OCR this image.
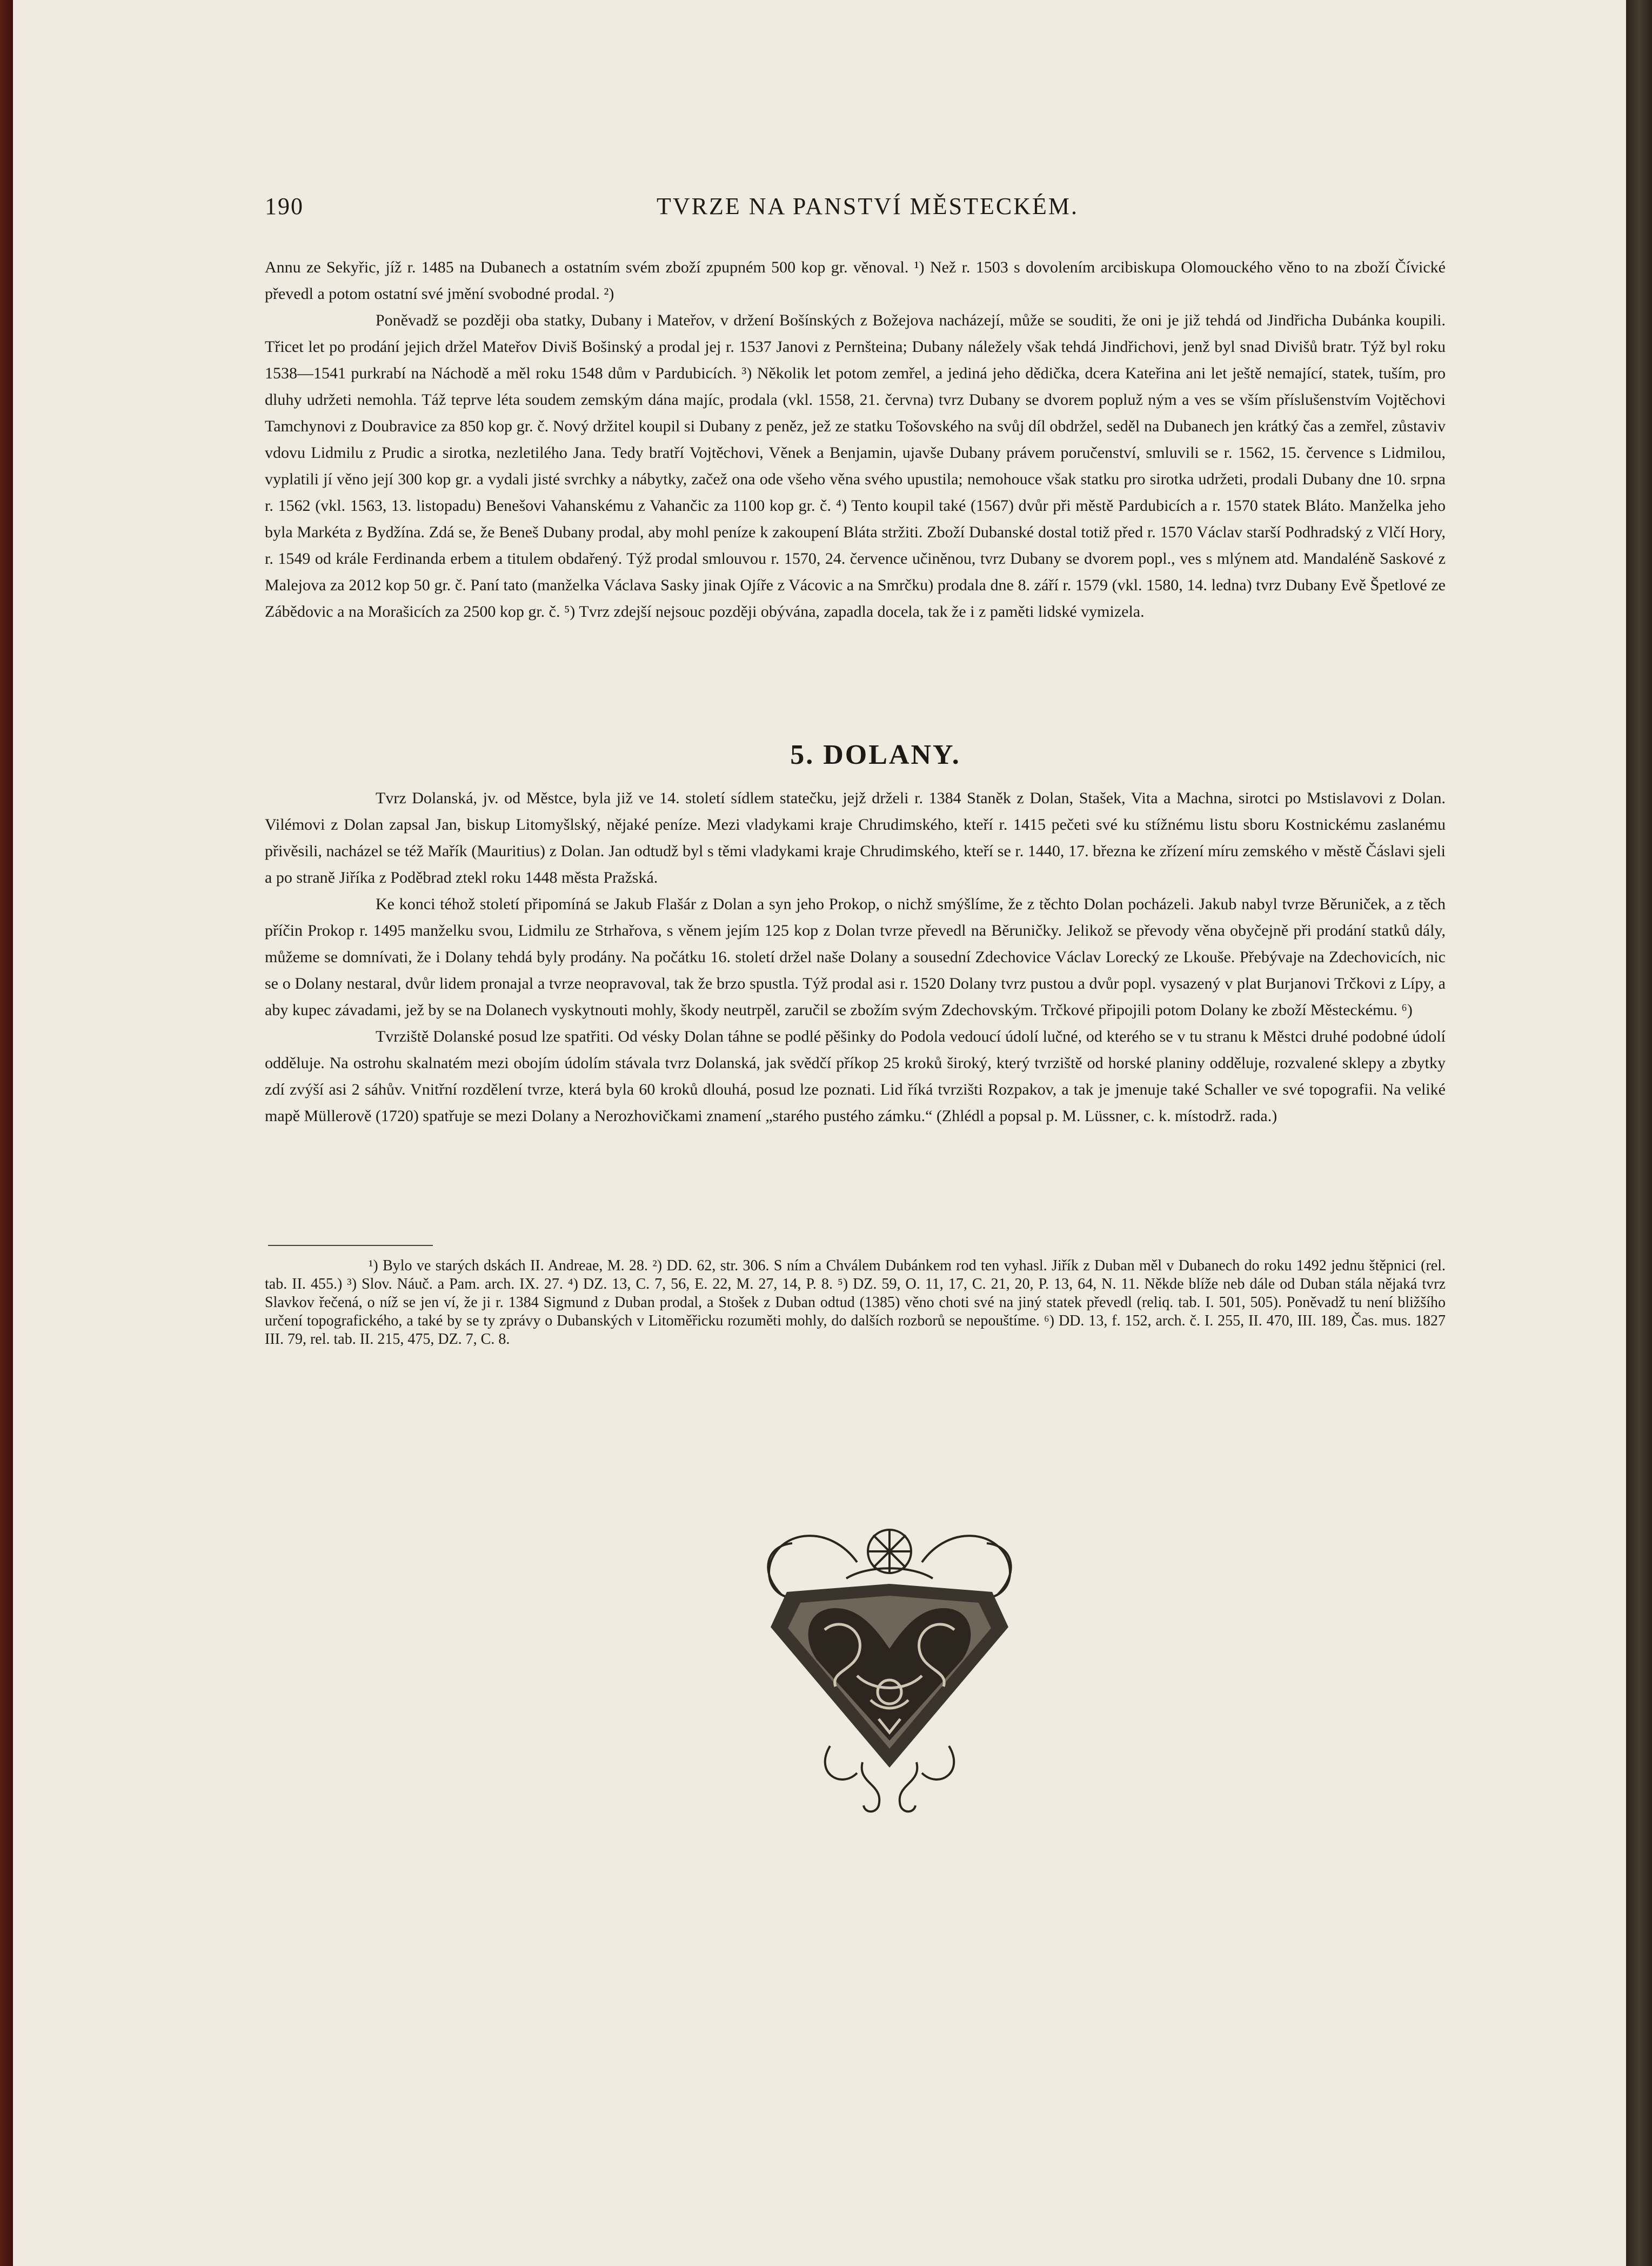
190	TVRZE NA PANSTVÍ MĚSTECKÉM.

Annu ze Sekyřic, jíž r. 1485 na Dubanech a ostatním svém zboží zpupném 500 kop gr. věnoval. ¹) Než r. 1503 s dovolením arcibiskupa Olomouckého věno to na zboží Čívické převedl a potom ostatní své jmění svobodné prodal. ²)

Poněvadž se později oba statky, Dubany i Mateřov, v držení Bošínských z Božejova nacházejí, může se souditi, že oni je již tehdá od Jindřicha Dubánka koupili. Třicet let po prodání jejich držel Mateřov Diviš Bošinský a prodal jej r. 1537 Janovi z Pernšteina; Dubany náležely však tehdá Jindřichovi, jenž byl snad Divišů bratr. Týž byl roku 1538—1541 purkrabí na Náchodě a měl roku 1548 dům v Pardubicích. ³) Několik let potom zemřel, a jediná jeho dědička, dcera Kateřina ani let ještě nemající, statek, tuším, pro dluhy udržeti nemohla. Táž teprve léta soudem zemským dána majíc, prodala (vkl. 1558, 21. června) tvrz Dubany se dvorem popluž ným a ves se vším příslušenstvím Vojtěchovi Tamchynovi z Doubravice za 850 kop gr. č. Nový držitel koupil si Dubany z peněz, jež ze statku Tošovského na svůj díl obdržel, seděl na Dubanech jen krátký čas a zemřel, zůstaviv vdovu Lidmilu z Prudic a sirotka, nezletilého Jana. Tedy bratří Vojtěchovi, Věnek a Benjamin, ujavše Dubany právem poručenství, smluvili se r. 1562, 15. července s Lidmilou, vyplatili jí věno její 300 kop gr. a vydali jisté svrchky a nábytky, začež ona ode všeho věna svého upustila; nemohouce však statku pro sirotka udržeti, prodali Dubany dne 10. srpna r. 1562 (vkl. 1563, 13. listopadu) Benešovi Vahanskému z Vahančic za 1100 kop gr. č. ⁴) Tento koupil také (1567) dvůr při městě Pardubicích a r. 1570 statek Bláto. Manželka jeho byla Markéta z Bydžína. Zdá se, že Beneš Dubany prodal, aby mohl peníze k zakoupení Bláta stržiti. Zboží Dubanské dostal totiž před r. 1570 Václav starší Podhradský z Vlčí Hory, r. 1549 od krále Ferdinanda erbem a titulem obdařený. Týž prodal smlouvou r. 1570, 24. července učiněnou, tvrz Dubany se dvorem popl., ves s mlýnem atd. Mandaléně Saskové z Malejova za 2012 kop 50 gr. č. Paní tato (manželka Václava Sasky jinak Ojíře z Vácovic a na Smrčku) prodala dne 8. září r. 1579 (vkl. 1580, 14. ledna) tvrz Dubany Evě Špetlové ze Zábědovic a na Morašicích za 2500 kop gr. č. ⁵) Tvrz zdejší nejsouc později obývána, zapadla docela, tak že i z paměti lidské vymizela.

5. DOLANY.

Tvrz Dolanská, jv. od Městce, byla již ve 14. století sídlem statečku, jejž drželi r. 1384 Staněk z Dolan, Stašek, Vita a Machna, sirotci po Mstislavovi z Dolan. Vilémovi z Dolan zapsal Jan, biskup Litomyšlský, nějaké peníze. Mezi vladykami kraje Chrudimského, kteří r. 1415 pečeti své ku stížnému listu sboru Kostnickému zaslanému přivěsili, nacházel se též Mařík (Mauritius) z Dolan. Jan odtudž byl s těmi vladykami kraje Chrudimského, kteří se r. 1440, 17. března ke zřízení míru zemského v městě Čáslavi sjeli a po straně Jiříka z Poděbrad ztekl roku 1448 města Pražská.

Ke konci téhož století připomíná se Jakub Flašár z Dolan a syn jeho Prokop, o nichž smýšlíme, že z těchto Dolan pocházeli. Jakub nabyl tvrze Běruniček, a z těch příčin Prokop r. 1495 manželku svou, Lidmilu ze Strhařova, s věnem jejím 125 kop z Dolan tvrze převedl na Běruničky. Jelikož se převody věna obyčejně při prodání statků dály, můžeme se domnívati, že i Dolany tehdá byly prodány. Na počátku 16. století držel naše Dolany a sousední Zdechovice Václav Lorecký ze Lkouše. Přebývaje na Zdechovicích, nic se o Dolany nestaral, dvůr lidem pronajal a tvrze neopravoval, tak že brzo spustla. Týž prodal asi r. 1520 Dolany tvrz pustou a dvůr popl. vysazený v plat Burjanovi Trčkovi z Lípy, a aby kupec závadami, jež by se na Dolanech vyskytnouti mohly, škody neutrpěl, zaručil se zbožím svým Zdechovským. Trčkové připojili potom Dolany ke zboží Městeckému. ⁶)

Tvrziště Dolanské posud lze spatřiti. Od vésky Dolan táhne se podlé pěšinky do Podola vedoucí údolí lučné, od kterého se v tu stranu k Městci druhé podobné údolí odděluje. Na ostrohu skalnatém mezi obojím údolím stávala tvrz Dolanská, jak svědčí příkop 25 kroků široký, který tvrziště od horské planiny odděluje, rozvalené sklepy a zbytky zdí zvýší asi 2 sáhův. Vnitřní rozdělení tvrze, která byla 60 kroků dlouhá, posud lze poznati. Lid říká tvrzišti Rozpakov, a tak je jmenuje také Schaller ve své topografii. Na veliké mapě Müllerově (1720) spatřuje se mezi Dolany a Nerozhovičkami znamení „starého pustého zámku.“ (Zhlédl a popsal p. M. Lüssner, c. k. místodrž. rada.)

¹) Bylo ve starých dskách II. Andreae, M. 28. ²) DD. 62, str. 306. S ním a Chválem Dubánkem rod ten vyhasl. Jiřík z Duban měl v Dubanech do roku 1492 jednu štěpnici (rel. tab. II. 455.) ³) Slov. Náuč. a Pam. arch. IX. 27. ⁴) DZ. 13, C. 7, 56, E. 22, M. 27, 14, P. 8. ⁵) DZ. 59, O. 11, 17, C. 21, 20, P. 13, 64, N. 11. Někde blíže neb dále od Duban stála nějaká tvrz Slavkov řečená, o níž se jen ví, že ji r. 1384 Sigmund z Duban prodal, a Stošek z Duban odtud (1385) věno choti své na jiný statek převedl (reliq. tab. I. 501, 505). Poněvadž tu není bližšího určení topografického, a také by se ty zprávy o Dubanských v Litoměřicku rozuměti mohly, do dalších rozborů se nepouštíme. ⁶) DD. 13, f. 152, arch. č. I. 255, II. 470, III. 189, Čas. mus. 1827 III. 79, rel. tab. II. 215, 475, DZ. 7, C. 8.
